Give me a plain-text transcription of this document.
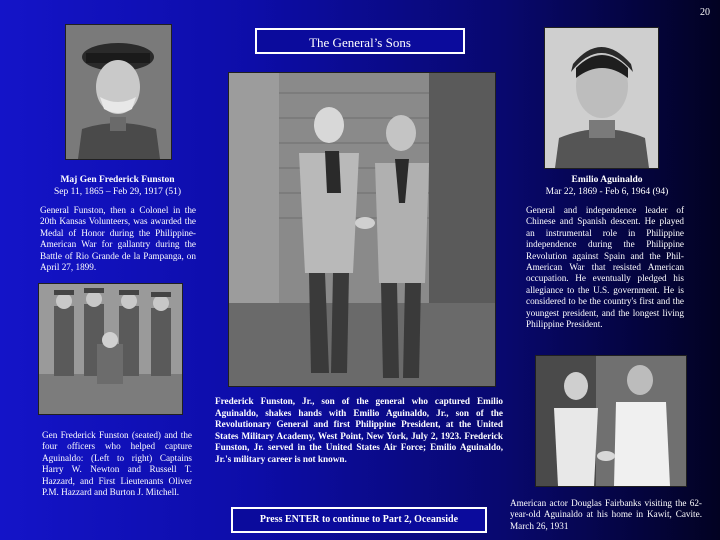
20
The General’s Sons
Maj Gen Frederick Funston
Sep 11, 1865 – Feb 29, 1917 (51)
General Funston, then a Colonel in the 20th Kansas Volunteers, was awarded the Medal of Honor during the Philippine-American War for gallantry during the Battle of Rio Grande de la Pampanga, on April 27, 1899.
Gen Frederick Funston (seated) and the four officers who helped capture Aguinaldo: (Left to right) Captains Harry W. Newton and Russell T. Hazzard, and First Lieutenants Oliver P.M. Hazzard and Burton J. Mitchell.
Frederick Funston, Jr., son of the general who captured Emilio Aguinaldo, shakes hands with Emilio Aguinaldo, Jr., son of the Revolutionary General and first Philippine President, at the United States Military Academy, West Point, New York, July 2, 1923. Frederick Funston, Jr. served in the United States Air Force; Emilio Aguinaldo, Jr.'s military career is not known.
Emilio Aguinaldo
Mar 22, 1869 - Feb 6, 1964 (94)
General and independence leader of Chinese and Spanish descent. He played an instrumental role in Philippine independence during the Philippine Revolution against Spain and the Phil-American War that resisted American occupation. He eventually pledged his allegiance to the U.S. government. He is considered to be the country's first and the youngest president, and the longest living Philippine President.
American actor Douglas Fairbanks visiting the 62-year-old Aguinaldo at his home in Kawit, Cavite. March 26, 1931
Press ENTER to continue to Part 2, Oceanside
